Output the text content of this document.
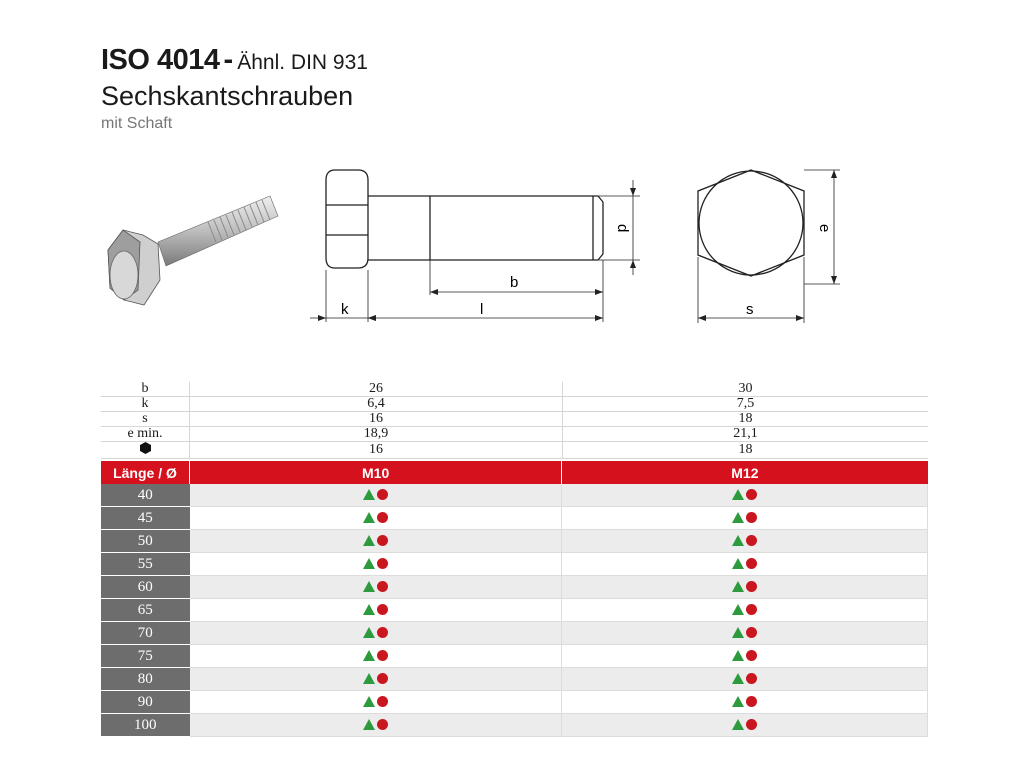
ISO 4014 - Ähnl. DIN 931
Sechskantschrauben
mit Schaft
k	l
b
d
s
e
b	26	30
k	6,4	7,5
s	16	18
e min.	18,9	21,1
	16	18
Länge / Ø	M10	M12
40		
45		
50		
55		
60		
65		
70		
75		
80		
90		
100		
